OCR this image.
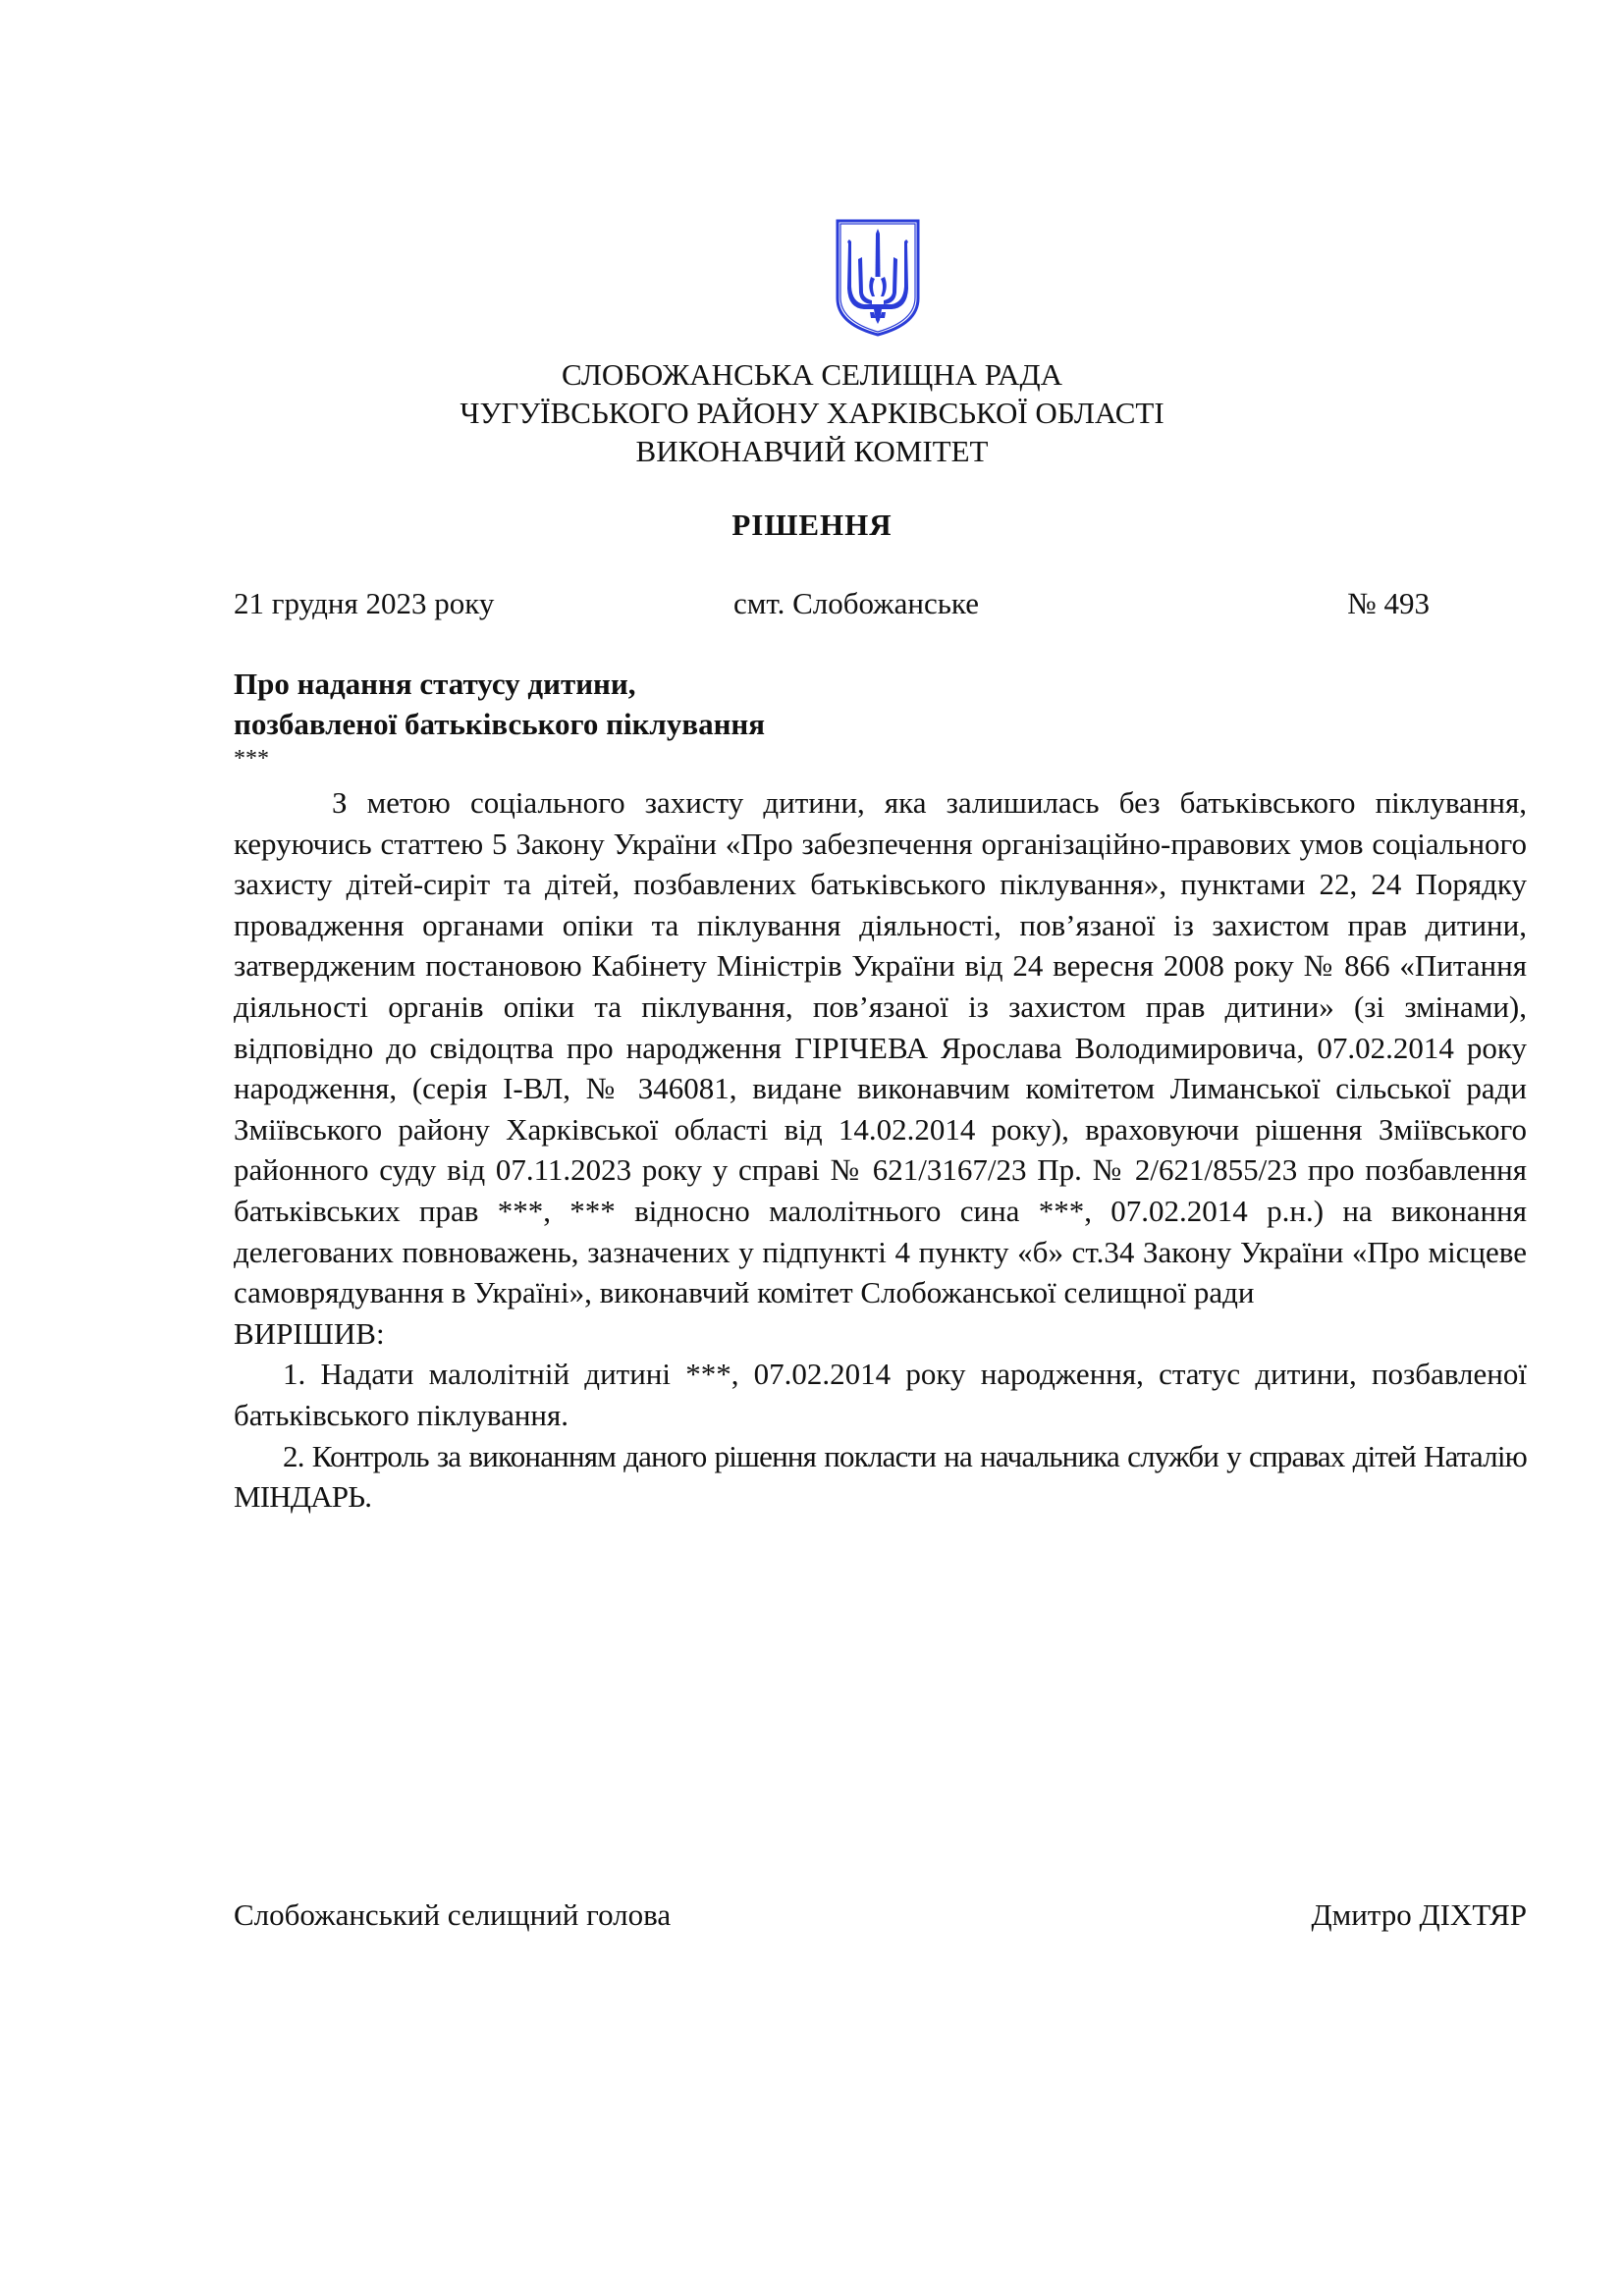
СЛОБОЖАНСЬКА СЕЛИЩНА РАДА
ЧУГУЇВСЬКОГО РАЙОНУ ХАРКІВСЬКОЇ ОБЛАСТІ
ВИКОНАВЧИЙ КОМІТЕТ
РІШЕННЯ
21 грудня 2023 року	смт. Слобожанське	№ 493
Про надання статусу дитини,
позбавленої батьківського піклування
***

З метою соціального захисту дитини, яка залишилась без батьківського піклування, керуючись статтею 5 Закону України «Про забезпечення організаційно-правових умов соціального захисту дітей-сиріт та дітей, позбавлених батьківського піклування», пунктами 22, 24 Порядку провадження органами опіки та піклування діяльності, пов’язаної із захистом прав дитини, затвердженим постановою Кабінету Міністрів України від 24 вересня 2008 року № 866 «Питання діяльності органів опіки та піклування, пов’язаної із захистом прав дитини» (зі змінами), відповідно до свідоцтва про народження ГІРІЧЕВА Ярослава Володимировича, 07.02.2014 року народження, (серія І-ВЛ, № 346081, видане виконавчим комітетом Лиманської сільської ради Зміївського району Харківської області від 14.02.2014 року), враховуючи рішення Зміївського районного суду від 07.11.2023 року у справі № 621/3167/23 Пр. № 2/621/855/23 про позбавлення батьківських прав ***, *** відносно малолітнього сина ***, 07.02.2014 р.н.) на виконання делегованих повноважень, зазначених у підпункті 4 пункту «б» ст.34 Закону України «Про місцеве самоврядування в Україні», виконавчий комітет Слобожанської селищної ради

ВИРІШИВ:

1. Надати малолітній дитині ***, 07.02.2014 року народження, статус дитини, позбавленої батьківського піклування.

2. Контроль за виконанням даного рішення покласти на начальника служби у справах дітей Наталію МІНДАРЬ.

Слобожанський селищний голова	Дмитро ДІХТЯР
